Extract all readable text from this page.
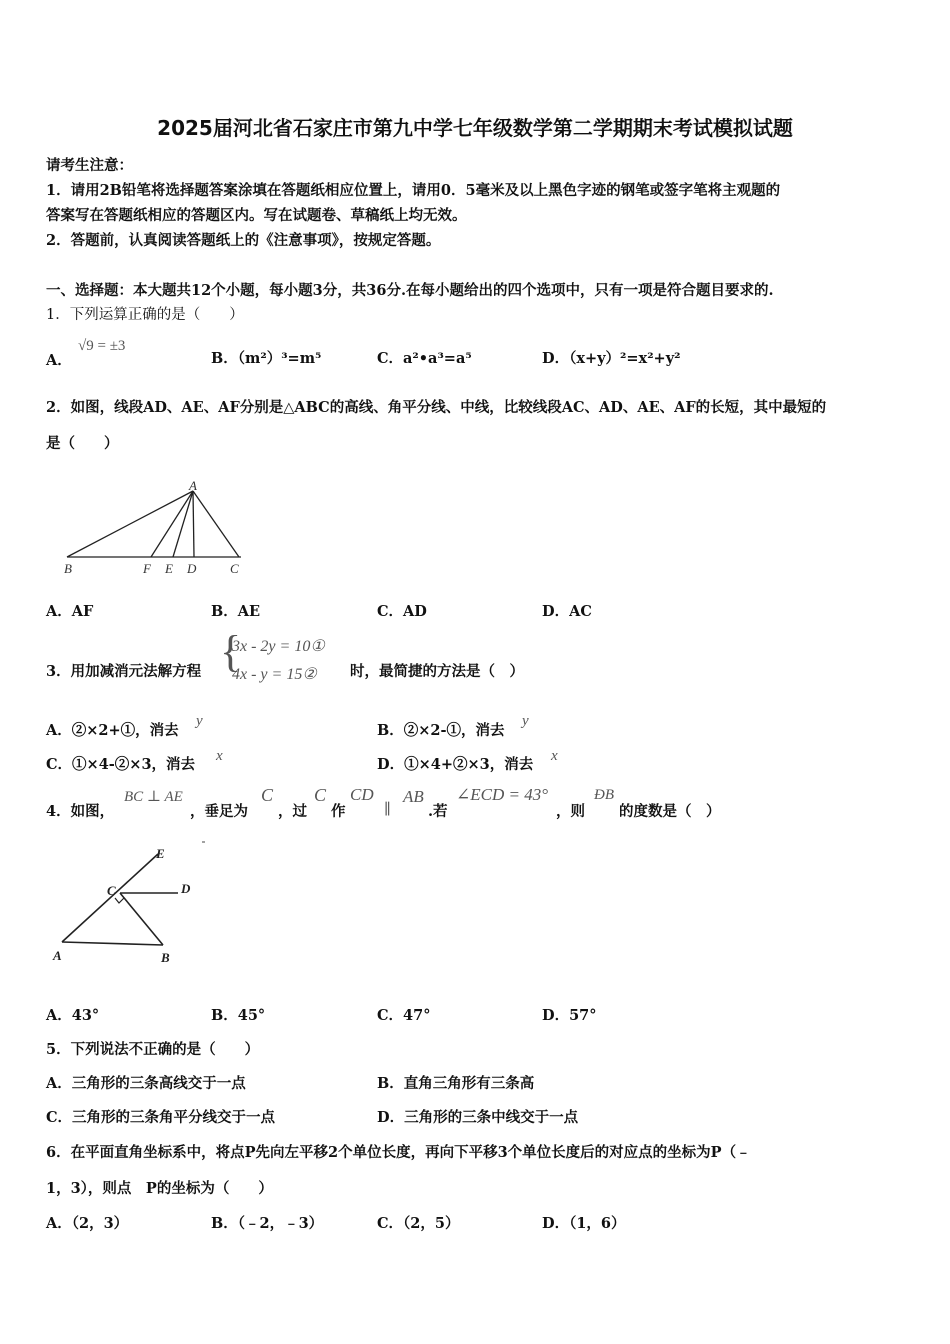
2025届河北省石家庄市第九中学七年级数学第二学期期末考试模拟试题
请考生注意：
1．请用2B铅笔将选择题答案涂填在答题纸相应位置上，请用0．5毫米及以上黑色字迹的钢笔或签字笔将主观题的
答案写在答题纸相应的答题区内。写在试题卷、草稿纸上均无效。
2．答题前，认真阅读答题纸上的《注意事项》，按规定答题。
一、选择题：本大题共12个小题，每小题3分，共36分.在每小题给出的四个选项中，只有一项是符合题目要求的.
1．下列运算正确的是（　　）
A．
√9 = ±3
B．（m²）³=m⁵	C．a²•a³=a⁵	D．（x+y）²=x²+y²
2．如图，线段AD、AE、AF分别是△ABC的高线、角平分线、中线，比较线段AC、AD、AE、AF的长短，其中最短的
是（　　）
A
B	F E D	C
A．AF	B．AE	C．AD	D．AC
3．用加减消元法解方程 {
3x - 2y = 10①
4x - y = 15② 时，最简捷的方法是（　）
A．②×2+①，消去
y
B．②×2-①，消去
y
C．①×4-②×3，消去 x	D．①×4+②×3，消去 x
4．如图，
BC ⊥ AE
，垂足为
C
，过
C
作
CD
∥
AB
.若
∠ECD = 43°
，则
ÐB
的度数是（　）
E
C	D
A	B
A．43°	B．45°	C．47°	D．57°
5．下列说法不正确的是（　　）
A．三角形的三条高线交于一点	B．直角三角形有三条高
C．三角形的三条角平分线交于一点	D．三角形的三条中线交于一点
6．在平面直角坐标系中，将点P先向左平移2个单位长度，再向下平移3个单位长度后的对应点的坐标为P（﹣
1，3），则点　P的坐标为（　　）
A．（2，3）	B．（﹣2，﹣3）	C．（2，5）	D．（1，6）
